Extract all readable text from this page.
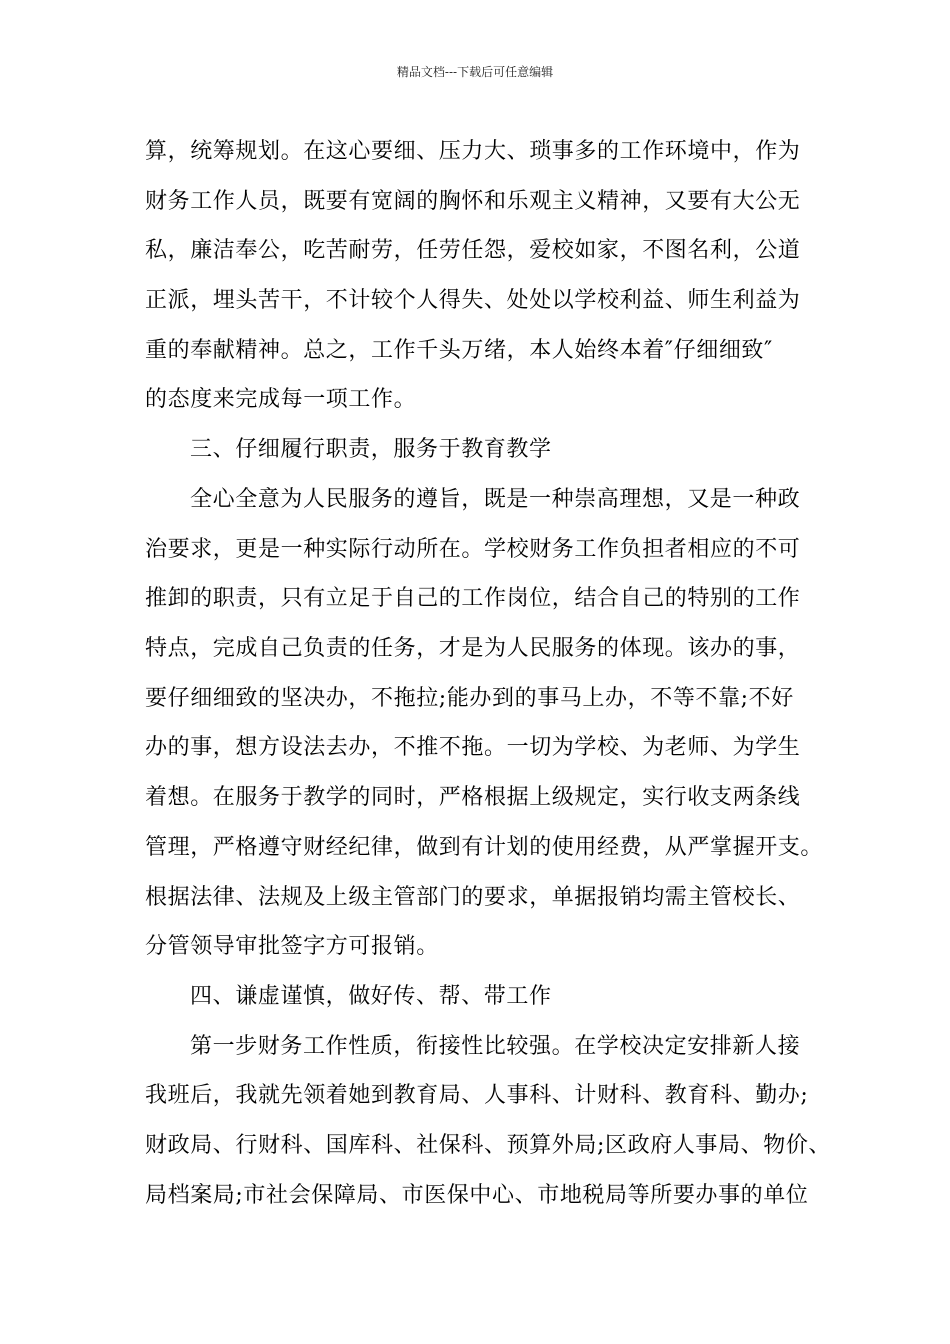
精品文档---下载后可任意编辑
算，统筹规划。在这心要细、压力大、琐事多的工作环境中，作为
财务工作人员，既要有宽阔的胸怀和乐观主义精神，又要有大公无
私，廉洁奉公，吃苦耐劳，任劳任怨，爱校如家，不图名利，公道
正派，埋头苦干，不计较个人得失、处处以学校利益、师生利益为
重的奉献精神。总之，工作千头万绪，本人始终本着″仔细细致″
的态度来完成每一项工作。
三、仔细履行职责，服务于教育教学
全心全意为人民服务的遵旨，既是一种崇高理想，又是一种政
治要求，更是一种实际行动所在。学校财务工作负担者相应的不可
推卸的职责，只有立足于自己的工作岗位，结合自己的特别的工作
特点，完成自己负责的任务，才是为人民服务的体现。该办的事，
要仔细细致的坚决办，不拖拉;能办到的事马上办，不等不靠;不好
办的事，想方设法去办，不推不拖。一切为学校、为老师、为学生
着想。在服务于教学的同时，严格根据上级规定，实行收支两条线
管理，严格遵守财经纪律，做到有计划的使用经费，从严掌握开支。
根据法律、法规及上级主管部门的要求，单据报销均需主管校长、
分管领导审批签字方可报销。
四、谦虚谨慎，做好传、帮、带工作
第一步财务工作性质，衔接性比较强。在学校决定安排新人接
我班后，我就先领着她到教育局、人事科、计财科、教育科、勤办;
财政局、行财科、国库科、社保科、预算外局;区政府人事局、物价、
局档案局;市社会保障局、市医保中心、市地税局等所要办事的单位
